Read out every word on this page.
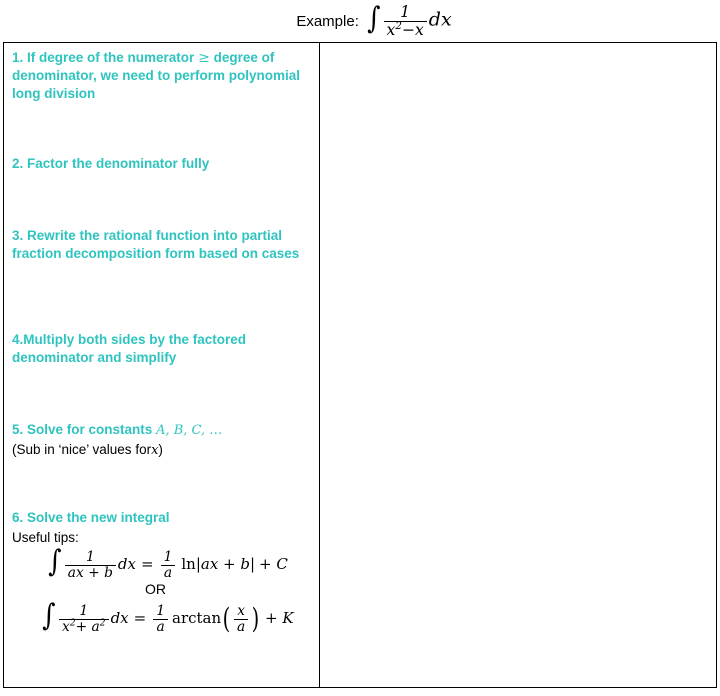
Example: ∫ $\frac{1}{x^2-x}$ dx
1. If degree of the numerator ≥ degree of denominator, we need to perform polynomial long division
2. Factor the denominator fully
3. Rewrite the rational function into partial fraction decomposition form based on cases
4.Multiply both sides by the factored denominator and simplify
5. Solve for constants A, B, C, …
(Sub in ‘nice’ values forx)
6. Solve the new integral
Useful tips:
∫ $\frac{1}{ax + b}$ dx = $\frac{1}{a} \ln|ax + b| + C$
OR
∫ $\frac{1}{x^2+ a^2}$ dx = $\frac{1}{a} \arctan( \frac{x}{a}$ ) + K
